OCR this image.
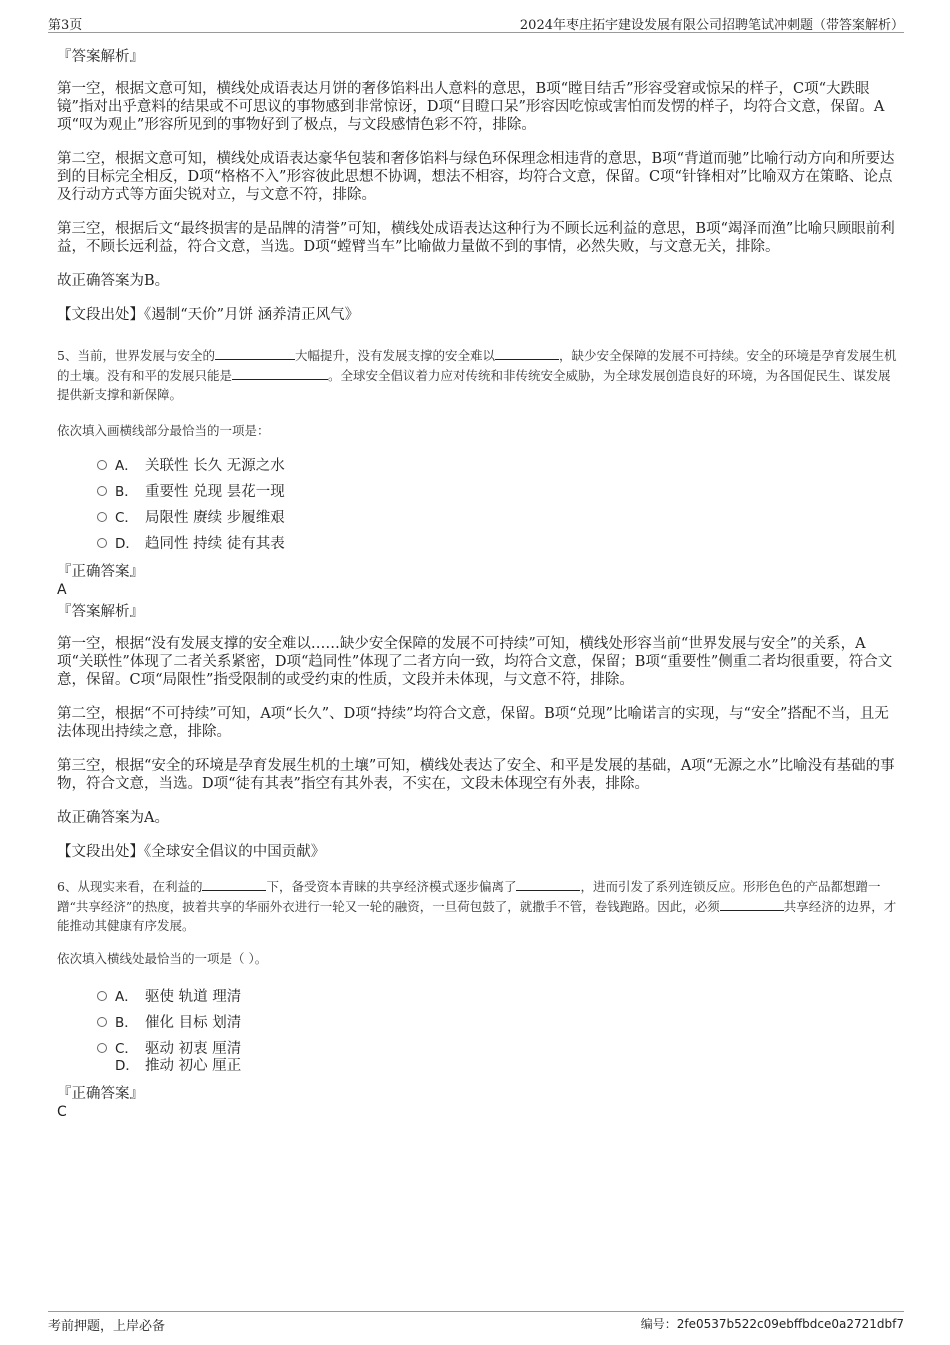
第3页	2024年枣庄拓宇建设发展有限公司招聘笔试冲刺题（带答案解析）
『答案解析』

第一空，根据文意可知，横线处成语表达月饼的奢侈馅料出人意料的意思，B项“瞠目结舌”形容受窘或惊呆的样子，C项“大跌眼镜”指对出乎意料的结果或不可思议的事物感到非常惊讶，D项“目瞪口呆”形容因吃惊或害怕而发愣的样子，均符合文意，保留。A项“叹为观止”形容所见到的事物好到了极点，与文段感情色彩不符，排除。

第二空，根据文意可知，横线处成语表达豪华包装和奢侈馅料与绿色环保理念相违背的意思，B项“背道而驰”比喻行动方向和所要达到的目标完全相反，D项“格格不入”形容彼此思想不协调，想法不相容，均符合文意，保留。C项“针锋相对”比喻双方在策略、论点及行动方式等方面尖锐对立，与文意不符，排除。

第三空，根据后文“最终损害的是品牌的清誉”可知，横线处成语表达这种行为不顾长远利益的意思，B项“竭泽而渔”比喻只顾眼前利益，不顾长远利益，符合文意，当选。D项“螳臂当车”比喻做力量做不到的事情，必然失败，与文意无关，排除。

故正确答案为B。
【文段出处】《遏制“天价”月饼 涵养清正风气》

5、当前，世界发展与安全的	大幅提升，没有发展支撑的安全难以	，缺少安全保障的发展不可持续。安全的环境是孕育发展生机的土壤。没有和平的发展只能是	。全球安全倡议着力应对传统和非传统安全威胁，为全球发展创造良好的环境，为各国促民生、谋发展提供新支撑和新保障。

依次填入画横线部分最恰当的一项是：
A． 关联性 长久 无源之水
B． 重要性 兑现 昙花一现
C． 局限性 赓续 步履维艰
D． 趋同性 持续 徒有其表
『正确答案』
A
『答案解析』

第一空，根据“没有发展支撑的安全难以……缺少安全保障的发展不可持续”可知，横线处形容当前“世界发展与安全”的关系，A项“关联性”体现了二者关系紧密，D项“趋同性”体现了二者方向一致，均符合文意，保留；B项“重要性”侧重二者均很重要，符合文意，保留。C项“局限性”指受限制的或受约束的性质，文段并未体现，与文意不符，排除。

第二空，根据“不可持续”可知，A项“长久”、D项“持续”均符合文意，保留。B项“兑现”比喻诺言的实现，与“安全”搭配不当，且无法体现出持续之意，排除。

第三空，根据“安全的环境是孕育发展生机的土壤”可知，横线处表达了安全、和平是发展的基础，A项“无源之水”比喻没有基础的事物，符合文意，当选。D项“徒有其表”指空有其外表，不实在，文段未体现空有外表，排除。

故正确答案为A。
【文段出处】《全球安全倡议的中国贡献》

6、从现实来看，在利益的	下，备受资本青睐的共享经济模式逐步偏离了	，进而引发了系列连锁反应。形形色色的产品都想蹭一蹭“共享经济”的热度，披着共享的华丽外衣进行一轮又一轮的融资，一旦荷包鼓了，就撒手不管，卷钱跑路。因此，必须	共享经济的边界，才能推动其健康有序发展。

依次填入横线处最恰当的一项是（ ）。
A． 驱使 轨道 理清
B． 催化 目标 划清
C． 驱动 初衷 厘清
D． 推动 初心 厘正
『正确答案』
C
考前押题，上岸必备	编号：2fe0537b522c09ebffbdce0a2721dbf7
